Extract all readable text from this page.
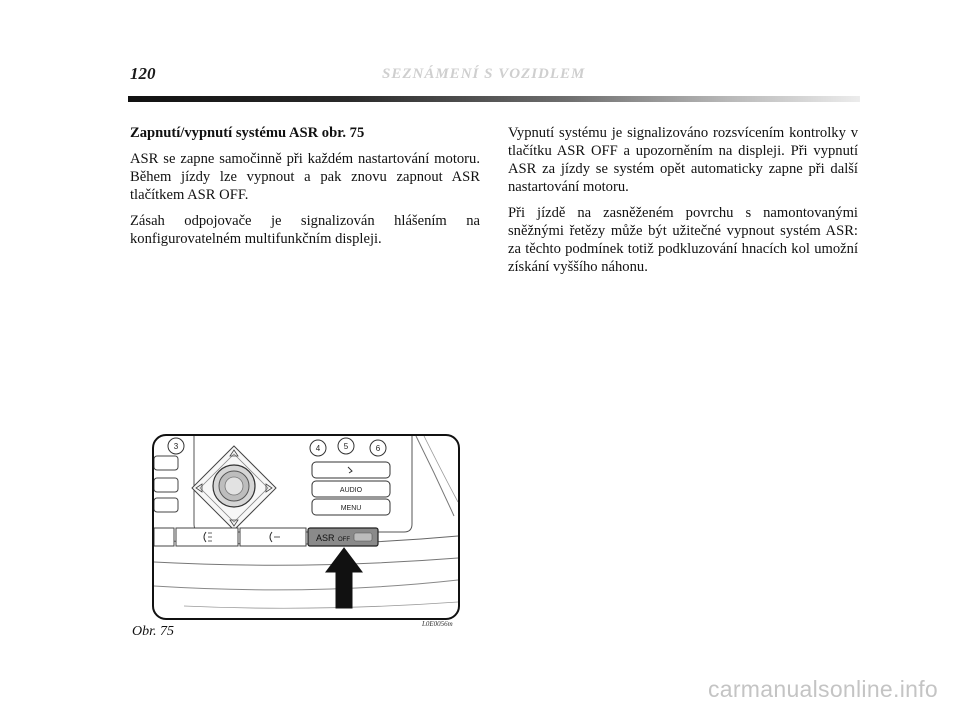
120	SEZNÁMENÍ S VOZIDLEM

Zapnutí/vypnutí systému ASR obr. 75

ASR se zapne samočinně při každém nastartování motoru. Během jízdy lze vypnout a pak znovu zapnout ASR tlačítkem ASR OFF.

Zásah odpojovače je signalizován hlášením na konfigurovatelném multifunkčním displeji.

Vypnutí systému je signalizováno rozsvícením kontrolky v tlačítku ASR OFF a upozorněním na displeji. Při vypnutí ASR za jízdy se systém opět automaticky zapne při další nastartování motoru.

Při jízdě na zasněženém povrchu s namontovanými sněžnými řetězy může být užitečné vypnout systém ASR: za těchto podmínek totiž podkluzování hnacích kol umožní získání vyššího náhonu.

3	4	5	6
AUDIO
MENU
ASR OFF
Obr. 75	L0E0056m
carmanualsonline.info
